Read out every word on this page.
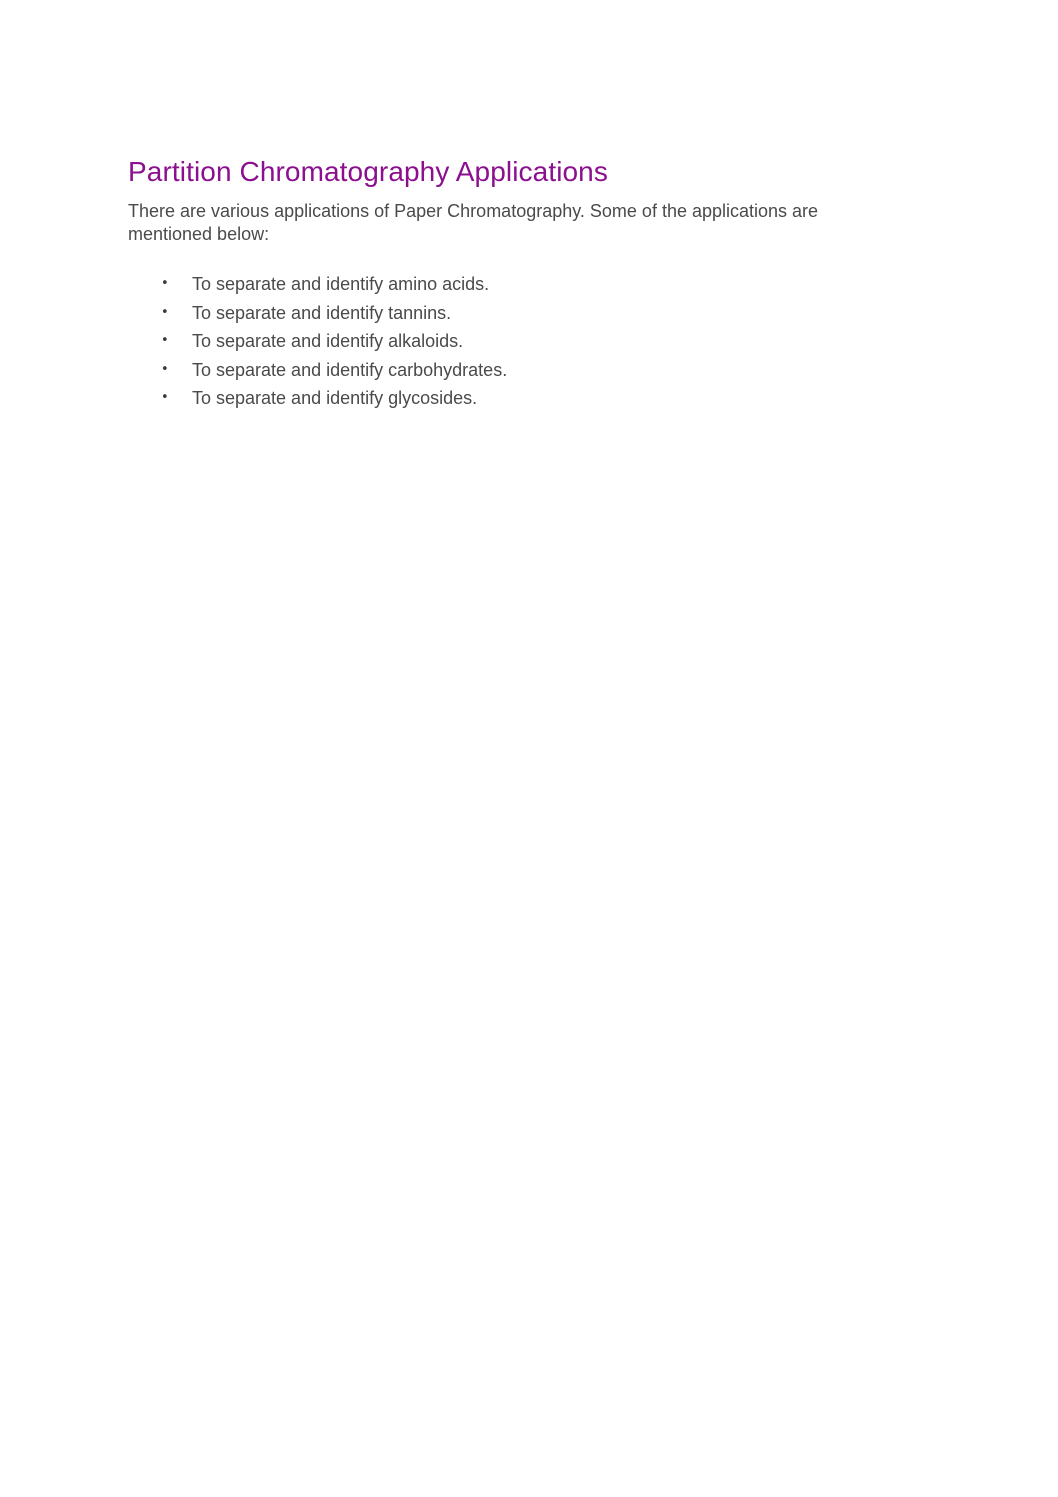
Partition Chromatography Applications

There are various applications of Paper Chromatography. Some of the applications are mentioned below:

• To separate and identify amino acids.
• To separate and identify tannins.
• To separate and identify alkaloids.
• To separate and identify carbohydrates.
• To separate and identify glycosides.
